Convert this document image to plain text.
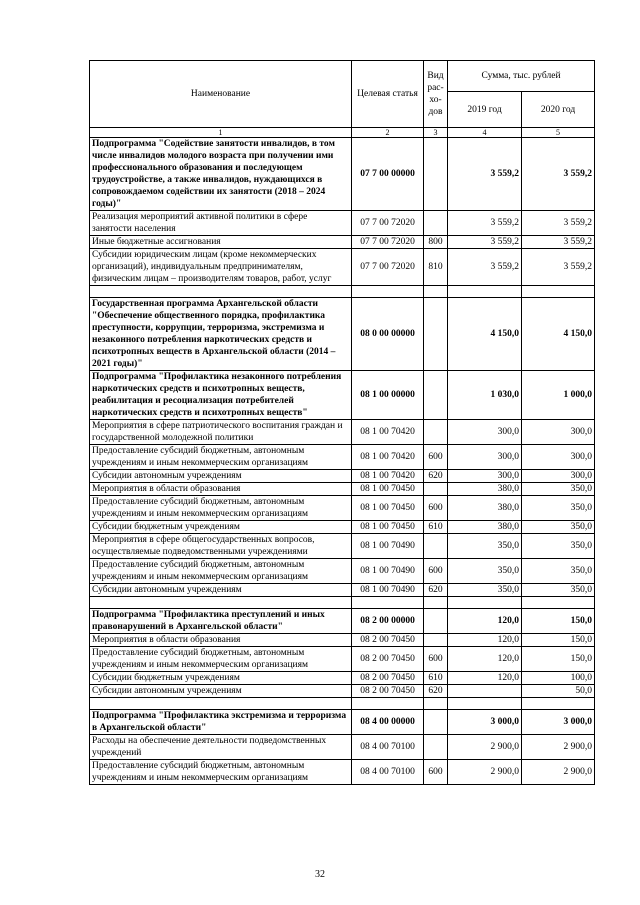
Наименование	Целевая статья	Вид рас-хо-дов	Сумма, тыс. рублей	
			2019 год	2020 год
1	2	3	4	5
Подпрограмма "Содействие занятости инвалидов, в том числе инвалидов молодого возраста при получении ими профессионального образования и последующем трудоустройстве, а также инвалидов, нуждающихся в сопровождаемом содействии их занятости (2018 – 2024 годы)"	07 7 00 00000		3 559,2	3 559,2
Реализация мероприятий активной политики в сфере занятости населения	07 7 00 72020		3 559,2	3 559,2
Иные бюджетные ассигнования	07 7 00 72020	800	3 559,2	3 559,2
Субсидии юридическим лицам (кроме некоммерческих организаций), индивидуальным предпринимателям, физическим лицам – производителям товаров, работ, услуг	07 7 00 72020	810	3 559,2	3 559,2

Государственная программа Архангельской области "Обеспечение общественного порядка, профилактика преступности, коррупции, терроризма, экстремизма и незаконного потребления наркотических средств и психотропных веществ в Архангельской области (2014 – 2021 годы)"	08 0 00 00000		4 150,0	4 150,0
Подпрограмма "Профилактика незаконного потребления наркотических средств и психотропных веществ, реабилитация и ресоциализация потребителей наркотических средств и психотропных веществ"	08 1 00 00000		1 030,0	1 000,0
Мероприятия в сфере патриотического воспитания граждан и государственной молодежной политики	08 1 00 70420		300,0	300,0
Предоставление субсидий бюджетным, автономным учреждениям и иным некоммерческим организациям	08 1 00 70420	600	300,0	300,0
Субсидии автономным учреждениям	08 1 00 70420	620	300,0	300,0
Мероприятия в области образования	08 1 00 70450		380,0	350,0
Предоставление субсидий бюджетным, автономным учреждениям и иным некоммерческим организациям	08 1 00 70450	600	380,0	350,0
Субсидии бюджетным учреждениям	08 1 00 70450	610	380,0	350,0
Мероприятия в сфере общегосударственных вопросов, осуществляемые подведомственными учреждениями	08 1 00 70490		350,0	350,0
Предоставление субсидий бюджетным, автономным учреждениям и иным некоммерческим организациям	08 1 00 70490	600	350,0	350,0
Субсидии автономным учреждениям	08 1 00 70490	620	350,0	350,0

Подпрограмма "Профилактика преступлений и иных правонарушений в Архангельской области"	08 2 00 00000		120,0	150,0
Мероприятия в области образования	08 2 00 70450		120,0	150,0
Предоставление субсидий бюджетным, автономным учреждениям и иным некоммерческим организациям	08 2 00 70450	600	120,0	150,0
Субсидии бюджетным учреждениям	08 2 00 70450	610	120,0	100,0
Субсидии автономным учреждениям	08 2 00 70450	620		50,0

Подпрограмма "Профилактика экстремизма и терроризма в Архангельской области"	08 4 00 00000		3 000,0	3 000,0
Расходы на обеспечение деятельности подведомственных учреждений	08 4 00 70100		2 900,0	2 900,0
Предоставление субсидий бюджетным, автономным учреждениям и иным некоммерческим организациям	08 4 00 70100	600	2 900,0	2 900,0
32
